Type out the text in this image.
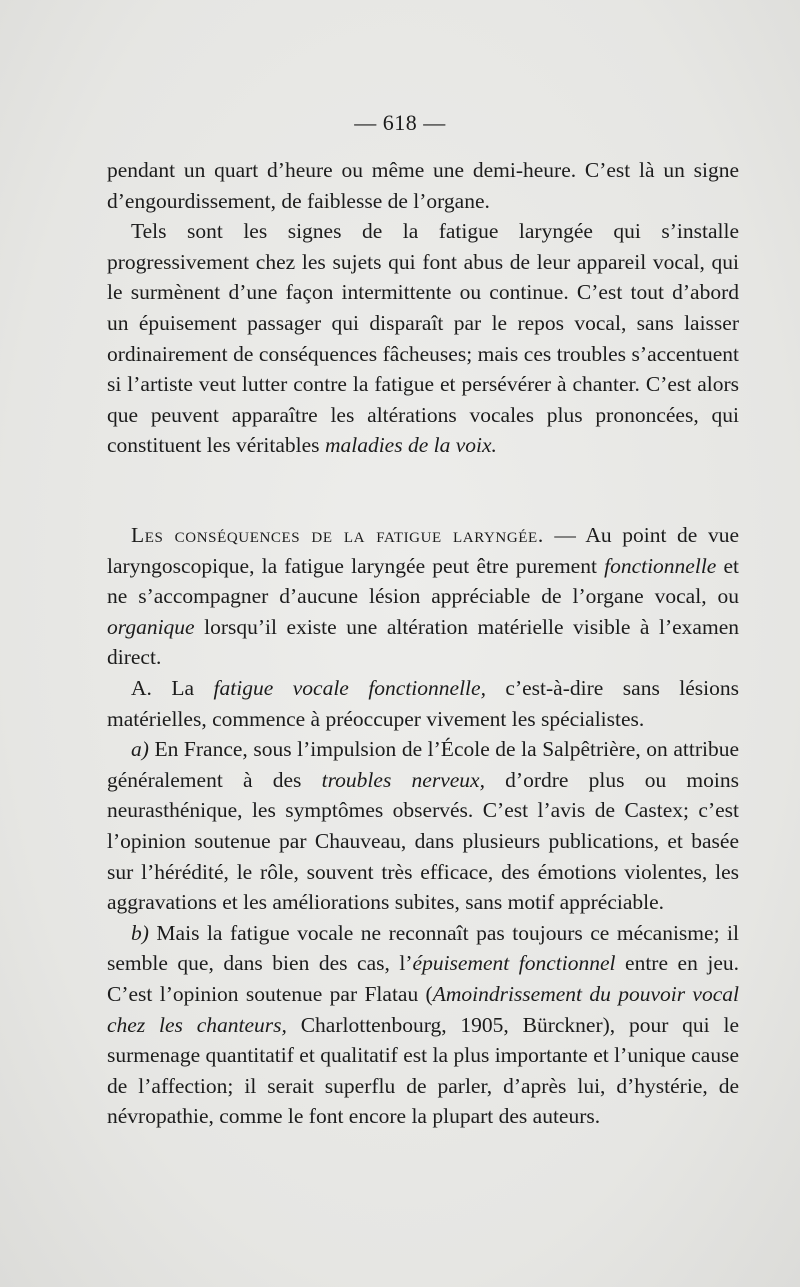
— 618 —

pendant un quart d’heure ou même une demi-heure. C’est là un signe d’engourdissement, de faiblesse de l’organe.

Tels sont les signes de la fatigue laryngée qui s’installe progressivement chez les sujets qui font abus de leur appareil vocal, qui le surmènent d’une façon intermittente ou continue. C’est tout d’abord un épuisement passager qui disparaît par le repos vocal, sans laisser ordinairement de conséquences fâcheuses; mais ces troubles s’accentuent si l’artiste veut lutter contre la fatigue et persévérer à chanter. C’est alors que peuvent apparaître les altérations vocales plus prononcées, qui constituent les véritables maladies de la voix.

Les conséquences de la fatigue laryngée. — Au point de vue laryngoscopique, la fatigue laryngée peut être purement fonctionnelle et ne s’accompagner d’aucune lésion appréciable de l’organe vocal, ou organique lorsqu’il existe une altération matérielle visible à l’examen direct.

A. La fatigue vocale fonctionnelle, c’est-à-dire sans lésions matérielles, commence à préoccuper vivement les spécialistes.

a) En France, sous l’impulsion de l’École de la Salpêtrière, on attribue généralement à des troubles nerveux, d’ordre plus ou moins neurasthénique, les symptômes observés. C’est l’avis de Castex; c’est l’opinion soutenue par Chauveau, dans plusieurs publications, et basée sur l’hérédité, le rôle, souvent très efficace, des émotions violentes, les aggravations et les améliorations subites, sans motif appréciable.

b) Mais la fatigue vocale ne reconnaît pas toujours ce mécanisme; il semble que, dans bien des cas, l’épuisement fonctionnel entre en jeu. C’est l’opinion soutenue par Flatau (Amoindrissement du pouvoir vocal chez les chanteurs, Charlottenbourg, 1905, Bürckner), pour qui le surmenage quantitatif et qualitatif est la plus importante et l’unique cause de l’affection; il serait superflu de parler, d’après lui, d’hystérie, de névropathie, comme le font encore la plupart des auteurs.
